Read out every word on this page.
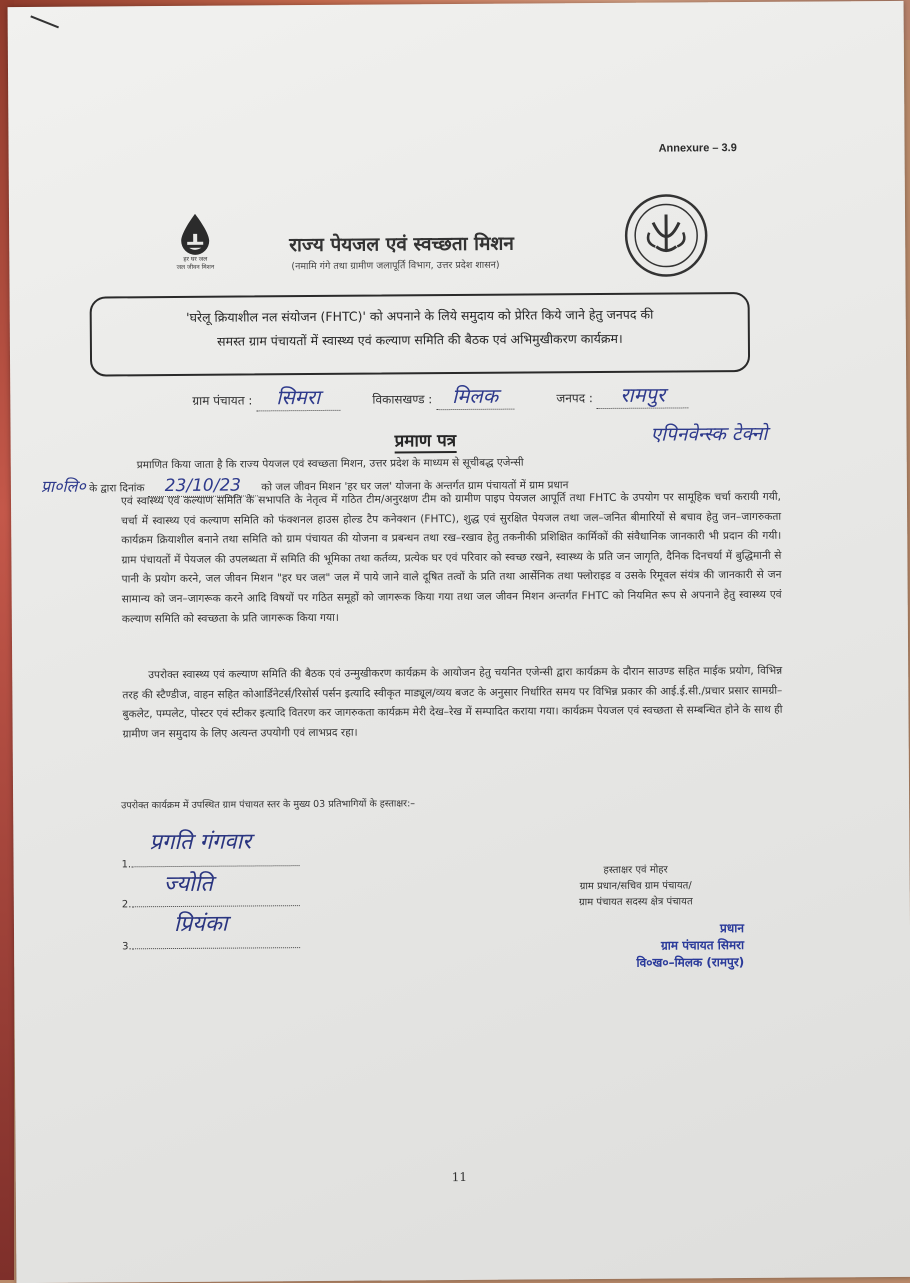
Annexure – 3.9
हर घर जल
जल जीवन मिशन
राज्य पेयजल एवं स्वच्छता मिशन
(नमामि गंगे तथा ग्रामीण जलापूर्ति विभाग, उत्तर प्रदेश शासन)
'घरेलू क्रियाशील नल संयोजन (FHTC)' को अपनाने के लिये समुदाय को प्रेरित किये जाने हेतु जनपद की
समस्त ग्राम पंचायतों में स्वास्थ्य एवं कल्याण समिति की बैठक एवं अभिमुखीकरण कार्यक्रम।
ग्राम पंचायत : सिमरा	विकासखण्ड : मिलक	जनपद : रामपुर
प्रमाण पत्र	एपिनवेन्स्क टेक्नो
प्रमाणित किया जाता है कि राज्य पेयजल एवं स्वच्छता मिशन, उत्तर प्रदेश के माध्यम से सूचीबद्ध एजेन्सी
प्रा०लि० के द्वारा दिनांक 23/10/23 को जल जीवन मिशन 'हर घर जल' योजना के अन्तर्गत ग्राम पंचायतों में ग्राम प्रधान
एवं स्वास्थ्य एवं कल्याण समिति के सभापति के नेतृत्व में गठित टीम/अनुरक्षण टीम को ग्रामीण पाइप पेयजल आपूर्ति तथा FHTC के उपयोग पर सामूहिक चर्चा करायी गयी, चर्चा में स्वास्थ्य एवं कल्याण समिति को फंक्शनल हाउस होल्ड टैप कनेक्शन (FHTC), शुद्ध एवं सुरक्षित पेयजल तथा जल–जनित बीमारियों से बचाव हेतु जन–जागरुकता कार्यक्रम क्रियाशील बनाने तथा समिति को ग्राम पंचायत की योजना व प्रबन्धन तथा रख–रखाव हेतु तकनीकी प्रशिक्षित कार्मिकों की संवैधानिक जानकारी भी प्रदान की गयी। ग्राम पंचायतों में पेयजल की उपलब्धता में समिति की भूमिका तथा कर्तव्य, प्रत्येक घर एवं परिवार को स्वच्छ रखने, स्वास्थ्य के प्रति जन जागृति, दैनिक दिनचर्या में बुद्धिमानी से पानी के प्रयोग करने, जल जीवन मिशन "हर घर जल" जल में पाये जाने वाले दूषित तत्वों के प्रति तथा आर्सेनिक तथा फ्लोराइड व उसके रिमूवल संयंत्र की जानकारी से जन सामान्य को जन–जागरूक करने आदि विषयों पर गठित समूहों को जागरूक किया गया तथा जल जीवन मिशन अन्तर्गत FHTC को नियमित रूप से अपनाने हेतु स्वास्थ्य एवं कल्याण समिति को स्वच्छता के प्रति जागरूक किया गया।
उपरोक्त स्वास्थ्य एवं कल्याण समिति की बैठक एवं उन्मुखीकरण कार्यक्रम के आयोजन हेतु चयनित एजेन्सी द्वारा कार्यक्रम के दौरान साउण्ड सहित माईक प्रयोग, विभिन्न तरह की स्टैण्डीज, वाहन सहित कोआर्डिनेटर्स/रिसोर्स पर्सन इत्यादि स्वीकृत माड्यूल/व्यय बजट के अनुसार निर्धारित समय पर विभिन्न प्रकार की आई.ई.सी./प्रचार प्रसार सामग्री–बुकलेट, पम्पलेट, पोस्टर एवं स्टीकर इत्यादि वितरण कर जागरुकता कार्यक्रम मेरी देख–रेख में सम्पादित कराया गया। कार्यक्रम पेयजल एवं स्वच्छता से सम्बन्धित होने के साथ ही ग्रामीण जन समुदाय के लिए अत्यन्त उपयोगी एवं लाभप्रद रहा।
उपरोक्त कार्यक्रम में उपस्थित ग्राम पंचायत स्तर के मुख्य 03 प्रतिभागियों के हस्ताक्षर:–
1.
प्रगति गंगवार
2.
ज्योति
3.
प्रियंका
हस्ताक्षर एवं मोहर
ग्राम प्रधान/सचिव ग्राम पंचायत/
ग्राम पंचायत सदस्य क्षेत्र पंचायत
प्रधान
ग्राम पंचायत सिमरा
वि०ख०–मिलक (रामपुर)
11
